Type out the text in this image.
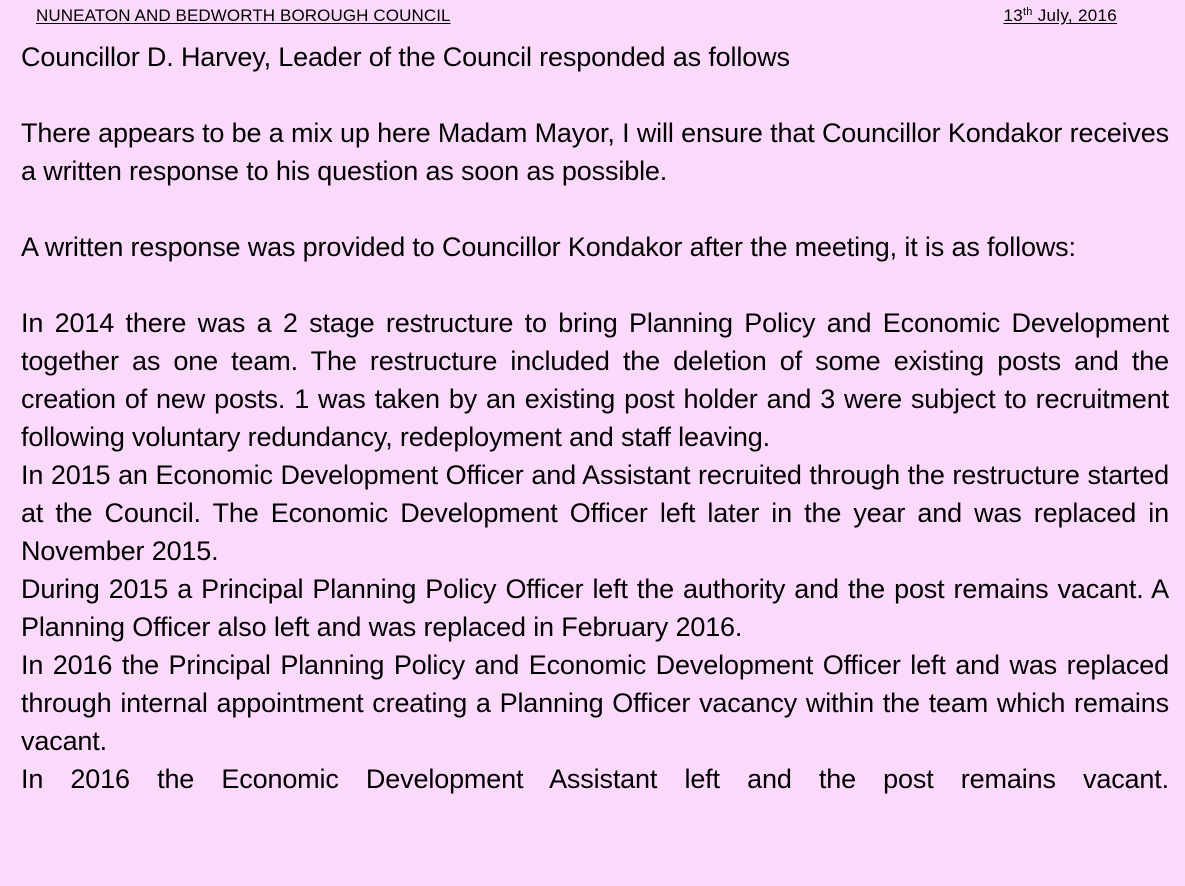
NUNEATON AND BEDWORTH BOROUGH COUNCIL	13th July, 2016

Councillor D. Harvey, Leader of the Council responded as follows

There appears to be a mix up here Madam Mayor, I will ensure that Councillor Kondakor receives a written response to his question as soon as possible.

A written response was provided to Councillor Kondakor after the meeting, it is as follows:

In 2014 there was a 2 stage restructure to bring Planning Policy and Economic Development together as one team. The restructure included the deletion of some existing posts and the creation of new posts. 1 was taken by an existing post holder and 3 were subject to recruitment following voluntary redundancy, redeployment and staff leaving.

In 2015 an Economic Development Officer and Assistant recruited through the restructure started at the Council. The Economic Development Officer left later in the year and was replaced in November 2015.

During 2015 a Principal Planning Policy Officer left the authority and the post remains vacant. A Planning Officer also left and was replaced in February 2016.

In 2016 the Principal Planning Policy and Economic Development Officer left and was replaced through internal appointment creating a Planning Officer vacancy within the team which remains vacant.

In 2016 the Economic Development Assistant left and the post remains vacant.
